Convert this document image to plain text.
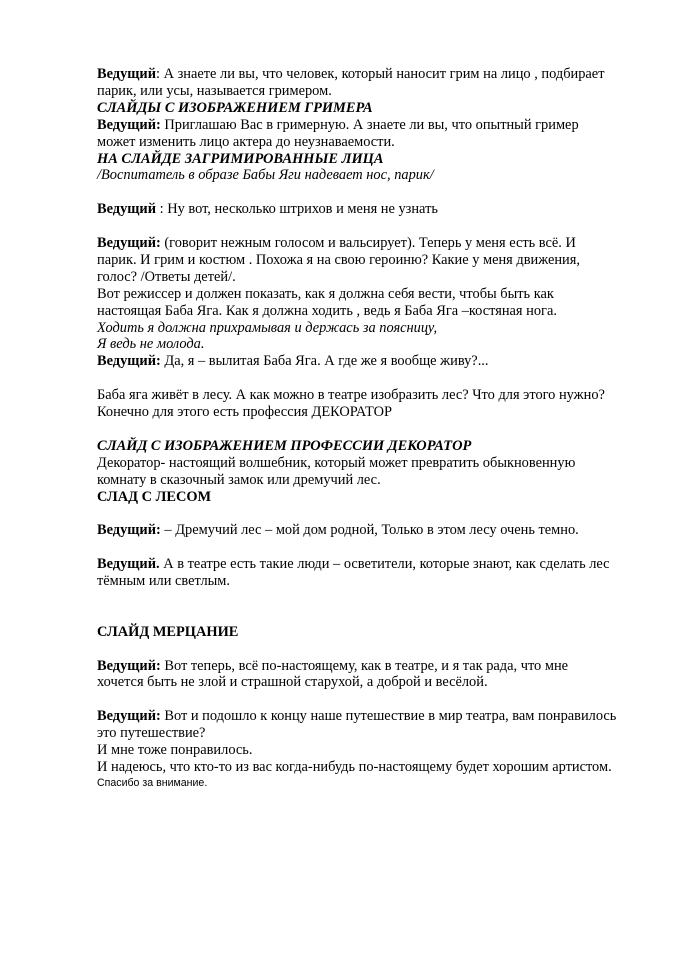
Ведущий: А знаете ли вы, что человек, который наносит грим на лицо , подбирает парик, или усы, называется гримером.

СЛАЙДЫ С ИЗОБРАЖЕНИЕМ ГРИМЕРА

Ведущий: Приглашаю Вас в гримерную. А знаете ли вы, что опытный гример может изменить лицо актера до неузнаваемости.

НА СЛАЙДЕ ЗАГРИМИРОВАННЫЕ ЛИЦА

/Воспитатель в образе Бабы Яги надевает нос, парик/

Ведущий : Ну вот, несколько штрихов и меня не узнать

Ведущий: (говорит нежным голосом и вальсирует). Теперь у меня есть всё. И парик. И грим и костюм . Похожа я на свою героиню? Какие у меня движения, голос? /Ответы детей/.

Вот режиссер и должен показать, как я должна себя вести, чтобы быть как настоящая Баба Яга. Как я должна ходить , ведь я Баба Яга –костяная нога.

Ходить я должна прихрамывая и держась за поясницу,

Я ведь не молода.

Ведущий: Да, я – вылитая Баба Яга. А где же я вообще живу?...

Баба яга живёт в лесу. А как можно в театре изобразить лес? Что для этого нужно?

Конечно для этого есть профессия ДЕКОРАТОР

СЛАЙД С ИЗОБРАЖЕНИЕМ ПРОФЕССИИ ДЕКОРАТОР

Декоратор- настоящий волшебник, который может превратить обыкновенную комнату в сказочный замок или дремучий лес.

СЛАД С ЛЕСОМ

Ведущий: – Дремучий лес – мой дом родной, Только в этом лесу очень темно.

Ведущий. А в театре есть такие люди – осветители, которые знают, как сделать лес тёмным или светлым.

СЛАЙД МЕРЦАНИЕ

Ведущий: Вот теперь, всё по-настоящему, как в театре, и я так рада, что мне хочется быть не злой и страшной старухой, а доброй и весёлой.

Ведущий: Вот и подошло к концу наше путешествие в мир театра, вам понравилось это путешествие?

И мне тоже понравилось.

И надеюсь, что кто-то из вас когда-нибудь по-настоящему будет хорошим артистом.

Спасибо за внимание.
